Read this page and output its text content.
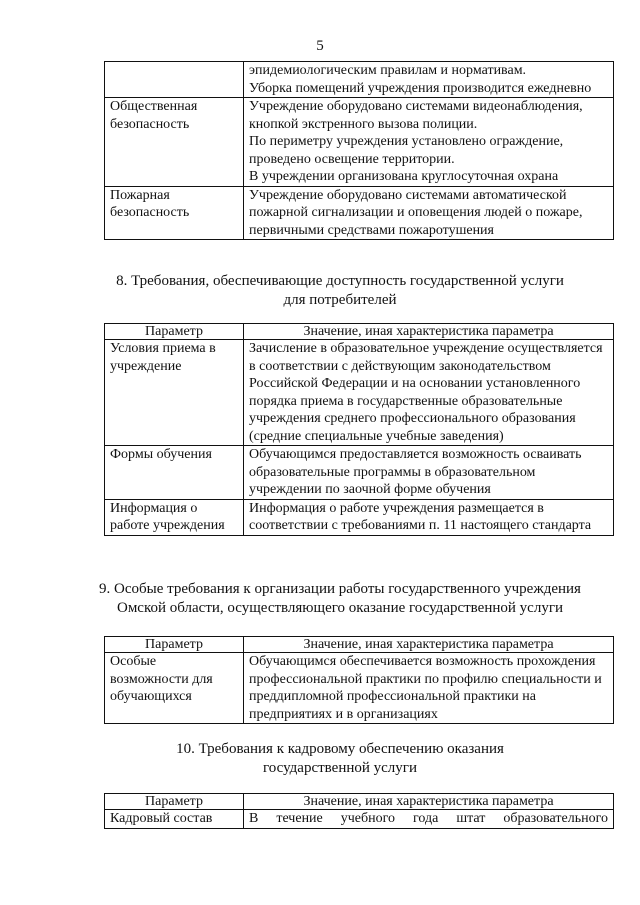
5

	эпидемиологическим правилам и нормативам.
Уборка помещений учреждения производится ежедневно

Общественная безопасность	Учреждение оборудовано системами видеонаблюдения, кнопкой экстренного вызова полиции.
По периметру учреждения установлено ограждение, проведено освещение территории.
В учреждении организована круглосуточная охрана

Пожарная безопасность	Учреждение оборудовано системами автоматической пожарной сигнализации и оповещения людей о пожаре, первичными средствами пожаротушения
8. Требования, обеспечивающие доступность государственной услуги
для потребителей
Параметр	Значение, иная характеристика параметра
Условия приема в учреждение	Зачисление в образовательное учреждение осуществляется в соответствии с действующим законодательством Российской Федерации и на основании установленного порядка приема в государственные образовательные учреждения среднего профессионального образования (средние специальные учебные заведения)
Формы обучения	Обучающимся предоставляется возможность осваивать образовательные программы в образовательном учреждении по заочной форме обучения
Информация о работе учреждения	Информация о работе учреждения размещается в соответствии с требованиями п. 11 настоящего стандарта
9. Особые требования к организации работы государственного учреждения
Омской области, осуществляющего оказание государственной услуги
Параметр	Значение, иная характеристика параметра
Особые возможности для обучающихся	Обучающимся обеспечивается возможность прохождения профессиональной практики по профилю специальности и преддипломной профессиональной практики на предприятиях и в организациях
10. Требования к кадровому обеспечению оказания
государственной услуги
Параметр	Значение, иная характеристика параметра
Кадровый состав	В течение учебного года штат образовательного
